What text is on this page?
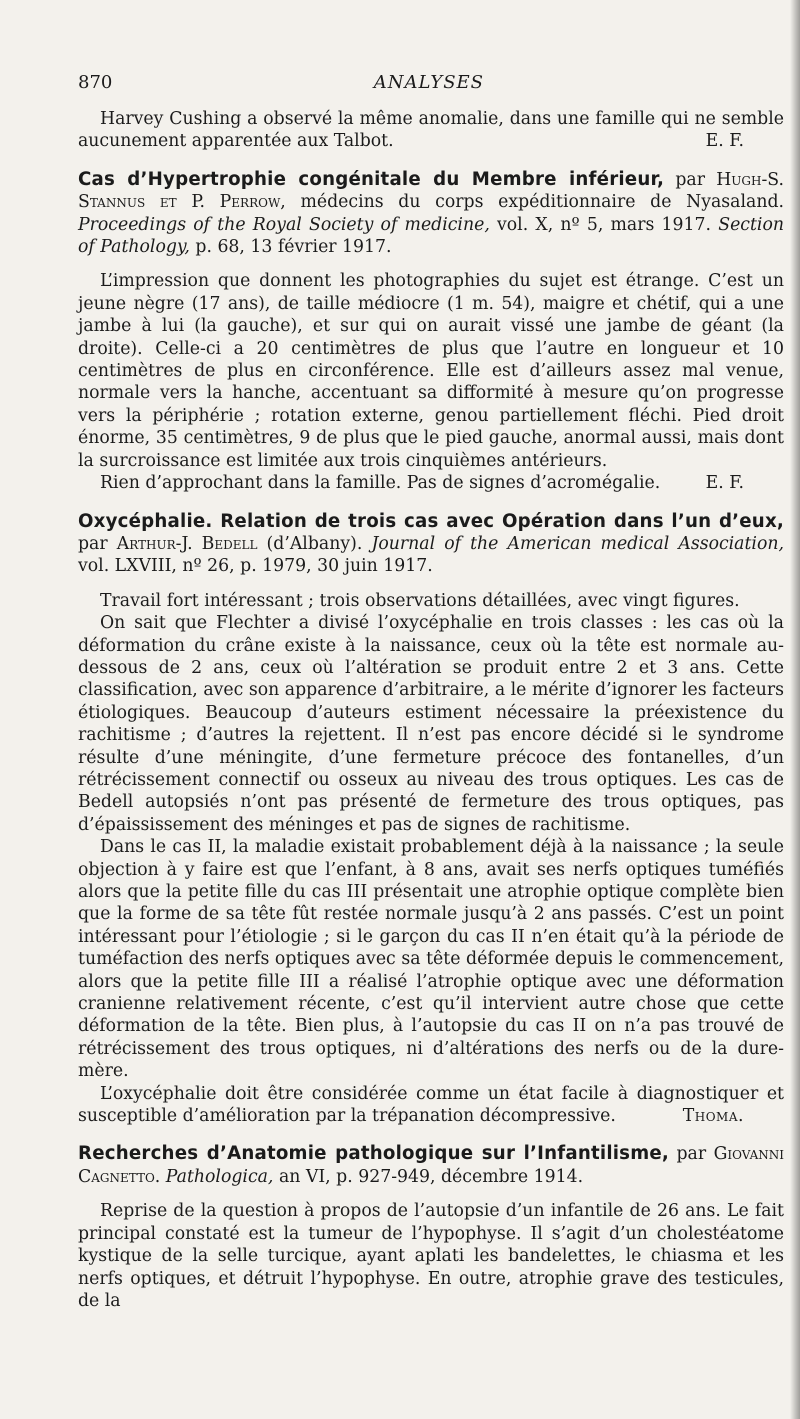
870	ANALYSES

Harvey Cushing a observé la même anomalie, dans une famille qui ne semble aucunement apparentée aux Talbot.	E. F.

Cas d’Hypertrophie congénitale du Membre inférieur, par Hugh-S. Stannus et P. Perrow, médecins du corps expéditionnaire de Nyasaland. Proceedings of the Royal Society of medicine, vol. X, nº 5, mars 1917. Section of Pathology, p. 68, 13 février 1917.

L’impression que donnent les photographies du sujet est étrange. C’est un jeune nègre (17 ans), de taille médiocre (1 m. 54), maigre et chétif, qui a une jambe à lui (la gauche), et sur qui on aurait vissé une jambe de géant (la droite). Celle-ci a 20 centimètres de plus que l’autre en longueur et 10 centimètres de plus en circonférence. Elle est d’ailleurs assez mal venue, normale vers la hanche, accentuant sa difformité à mesure qu’on progresse vers la périphérie ; rotation externe, genou partiellement fléchi. Pied droit énorme, 35 centimètres, 9 de plus que le pied gauche, anormal aussi, mais dont la surcroissance est limitée aux trois cinquièmes antérieurs.

Rien d’approchant dans la famille. Pas de signes d’acromégalie.	E. F.

Oxycéphalie. Relation de trois cas avec Opération dans l’un d’eux, par Arthur-J. Bedell (d’Albany). Journal of the American medical Association, vol. LXVIII, nº 26, p. 1979, 30 juin 1917.

Travail fort intéressant ; trois observations détaillées, avec vingt figures.

On sait que Flechter a divisé l’oxycéphalie en trois classes : les cas où la déformation du crâne existe à la naissance, ceux où la tête est normale au-dessous de 2 ans, ceux où l’altération se produit entre 2 et 3 ans. Cette classification, avec son apparence d’arbitraire, a le mérite d’ignorer les facteurs étiologiques. Beaucoup d’auteurs estiment nécessaire la préexistence du rachitisme ; d’autres la rejettent. Il n’est pas encore décidé si le syndrome résulte d’une méningite, d’une fermeture précoce des fontanelles, d’un rétrécissement connectif ou osseux au niveau des trous optiques. Les cas de Bedell autopsiés n’ont pas présenté de fermeture des trous optiques, pas d’épaississement des méninges et pas de signes de rachitisme.

Dans le cas II, la maladie existait probablement déjà à la naissance ; la seule objection à y faire est que l’enfant, à 8 ans, avait ses nerfs optiques tuméfiés alors que la petite fille du cas III présentait une atrophie optique complète bien que la forme de sa tête fût restée normale jusqu’à 2 ans passés. C’est un point intéressant pour l’étiologie ; si le garçon du cas II n’en était qu’à la période de tuméfaction des nerfs optiques avec sa tête déformée depuis le commencement, alors que la petite fille III a réalisé l’atrophie optique avec une déformation cranienne relativement récente, c’est qu’il intervient autre chose que cette déformation de la tête. Bien plus, à l’autopsie du cas II on n’a pas trouvé de rétrécissement des trous optiques, ni d’altérations des nerfs ou de la dure-mère.

L’oxycéphalie doit être considérée comme un état facile à diagnostiquer et susceptible d’amélioration par la trépanation décompressive.	Thoma.

Recherches d’Anatomie pathologique sur l’Infantilisme, par Giovanni Cagnetto. Pathologica, an VI, p. 927-949, décembre 1914.

Reprise de la question à propos de l’autopsie d’un infantile de 26 ans. Le fait principal constaté est la tumeur de l’hypophyse. Il s’agit d’un cholestéatome kystique de la selle turcique, ayant aplati les bandelettes, le chiasma et les nerfs optiques, et détruit l’hypophyse. En outre, atrophie grave des testicules, de la
